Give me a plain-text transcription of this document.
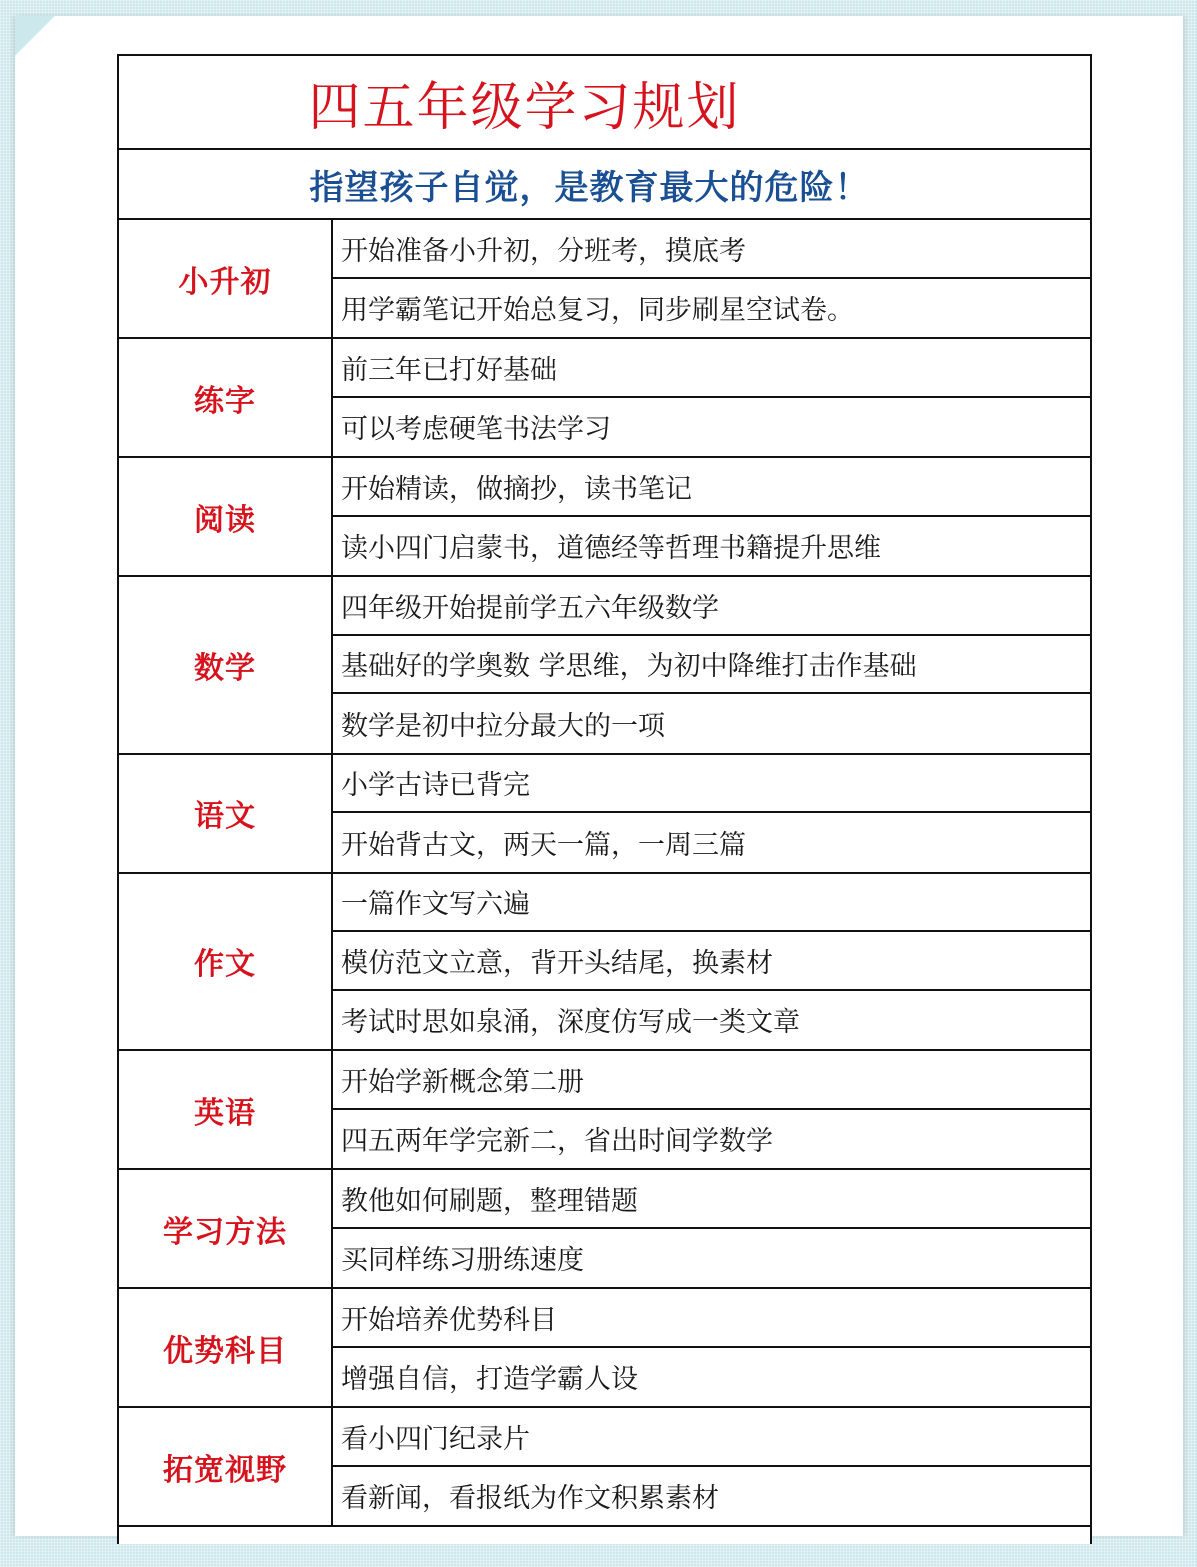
四五年级学习规划
指望孩子自觉，是教育最大的危险！
小升初
开始准备小升初，分班考，摸底考
用学霸笔记开始总复习，同步刷星空试卷。
练字
前三年已打好基础
可以考虑硬笔书法学习
阅读
开始精读，做摘抄，读书笔记
读小四门启蒙书，道德经等哲理书籍提升思维
数学
四年级开始提前学五六年级数学
基础好的学奥数 学思维，为初中降维打击作基础
数学是初中拉分最大的一项
语文
小学古诗已背完
开始背古文，两天一篇，一周三篇
作文
一篇作文写六遍
模仿范文立意，背开头结尾，换素材
考试时思如泉涌，深度仿写成一类文章
英语
开始学新概念第二册
四五两年学完新二，省出时间学数学
学习方法
教他如何刷题，整理错题
买同样练习册练速度
优势科目
开始培养优势科目
增强自信，打造学霸人设
拓宽视野
看小四门纪录片
看新闻，看报纸为作文积累素材
